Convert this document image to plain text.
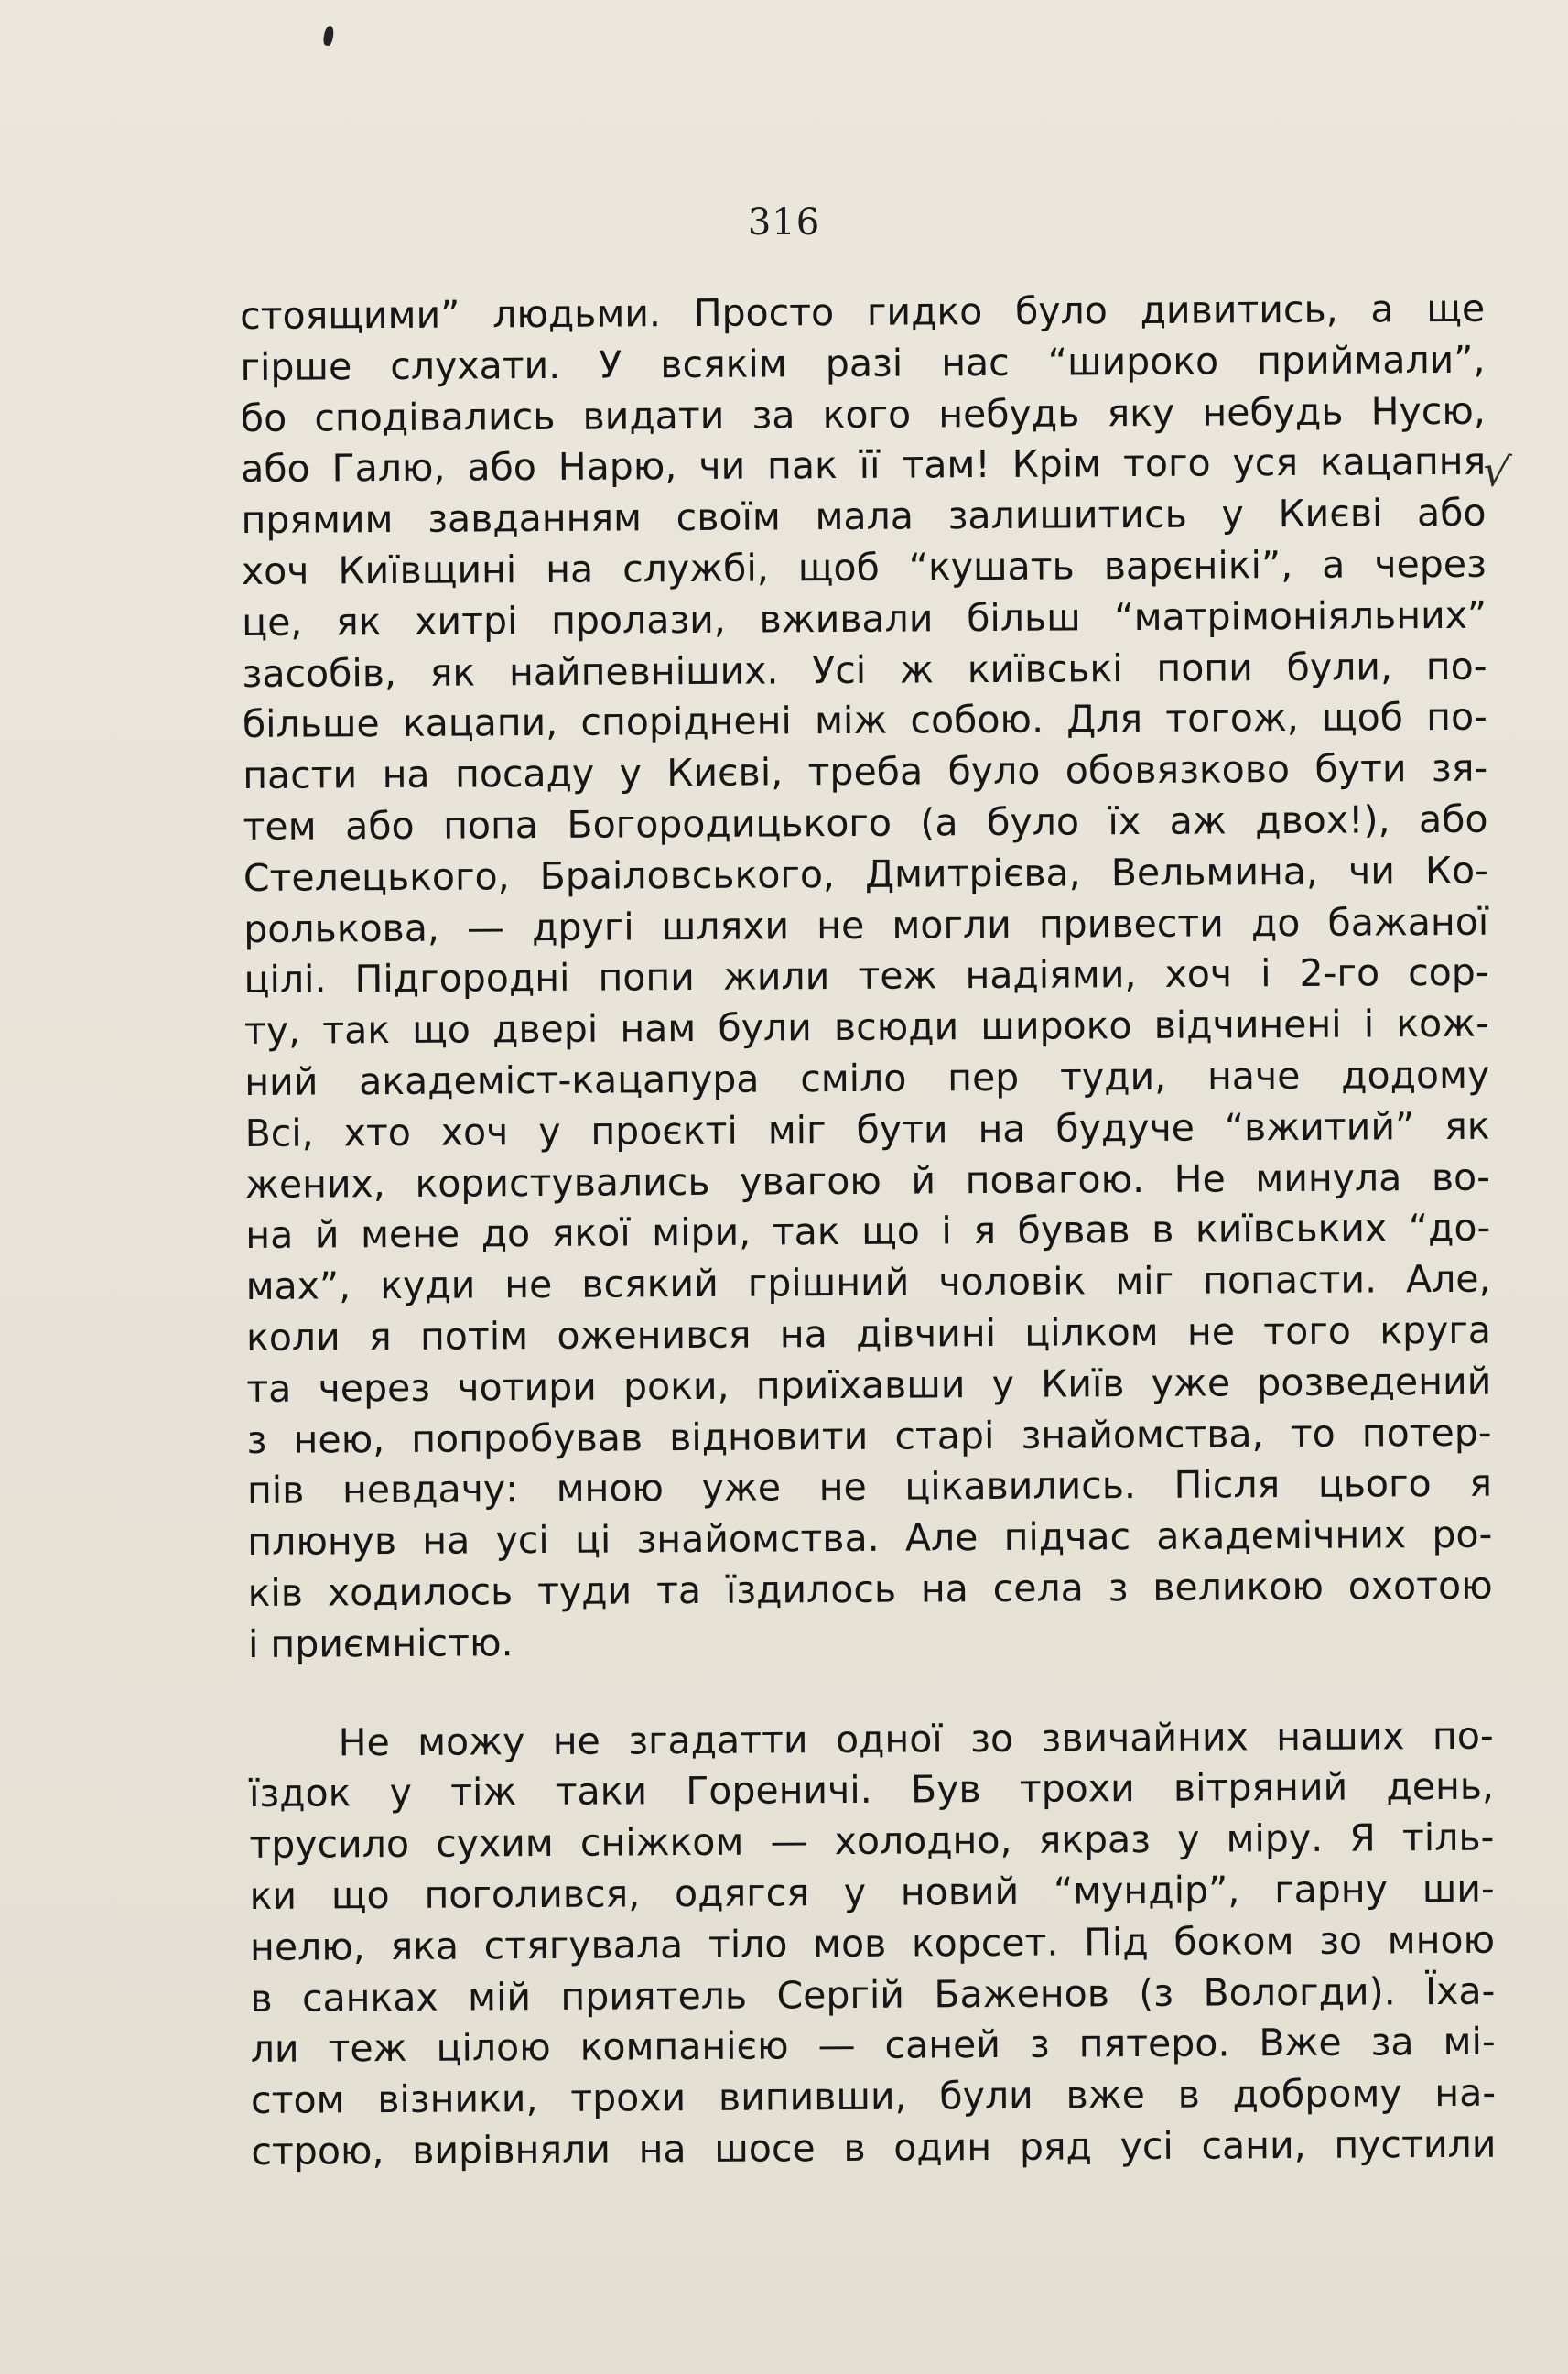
316
√
стоящими” людьми. Просто гидко було дивитись, а ще
гірше слухати. У всякім разі нас “широко приймали”,
бо сподівались видати за кого небудь яку небудь Нусю,
або Галю, або Нарю, чи пак її там! Крім того уся кацапня
прямим завданням своїм мала залишитись у Києві або
хоч Київщині на службі, щоб “кушать варєнікі”, а через
це, як хитрі пролази, вживали більш “матрімоніяльних”
засобів, як найпевніших. Усі ж київські попи були, по-
більше кацапи, споріднені між собою. Для тогож, щоб по-
пасти на посаду у Києві, треба було обовязково бути зя-
тем або попа Богородицького (а було їх аж двох!), або
Стелецького, Браіловського, Дмитрієва, Вельмина, чи Ко-
ролькова, — другі шляхи не могли привести до бажаної
цілі. Підгородні попи жили теж надіями, хоч і 2-го сор-
ту, так що двері нам були всюди широко відчинені і кож-
ний академіст-кацапура сміло пер туди, наче додому
Всі, хто хоч у проєкті міг бути на будуче “вжитий” як
жених, користувались увагою й повагою. Не минула во-
на й мене до якої міри, так що і я бував в київських “до-
мах”, куди не всякий грішний чоловік міг попасти. Але,
коли я потім оженився на дівчині цілком не того круга
та через чотири роки, приїхавши у Київ уже розведений
з нею, попробував відновити старі знайомства, то потер-
пів невдачу: мною уже не цікавились. Після цього я
плюнув на усі ці знайомства. Але підчас академічних ро-
ків ходилось туди та їздилось на села з великою охотою
і приємністю.
Не можу не згадатти одної зо звичайних наших по-
їздок у тіж таки Гореничі. Був трохи вітряний день,
трусило сухим сніжком — холодно, якраз у міру. Я тіль-
ки що поголився, одягся у новий “мундір”, гарну ши-
нелю, яка стягувала тіло мов корсет. Під боком зо мною
в санках мій приятель Сергій Баженов (з Вологди). Їха-
ли теж цілою компанією — саней з пятеро. Вже за мі-
стом візники, трохи випивши, були вже в доброму на-
строю, вирівняли на шосе в один ряд усі сани, пустили
